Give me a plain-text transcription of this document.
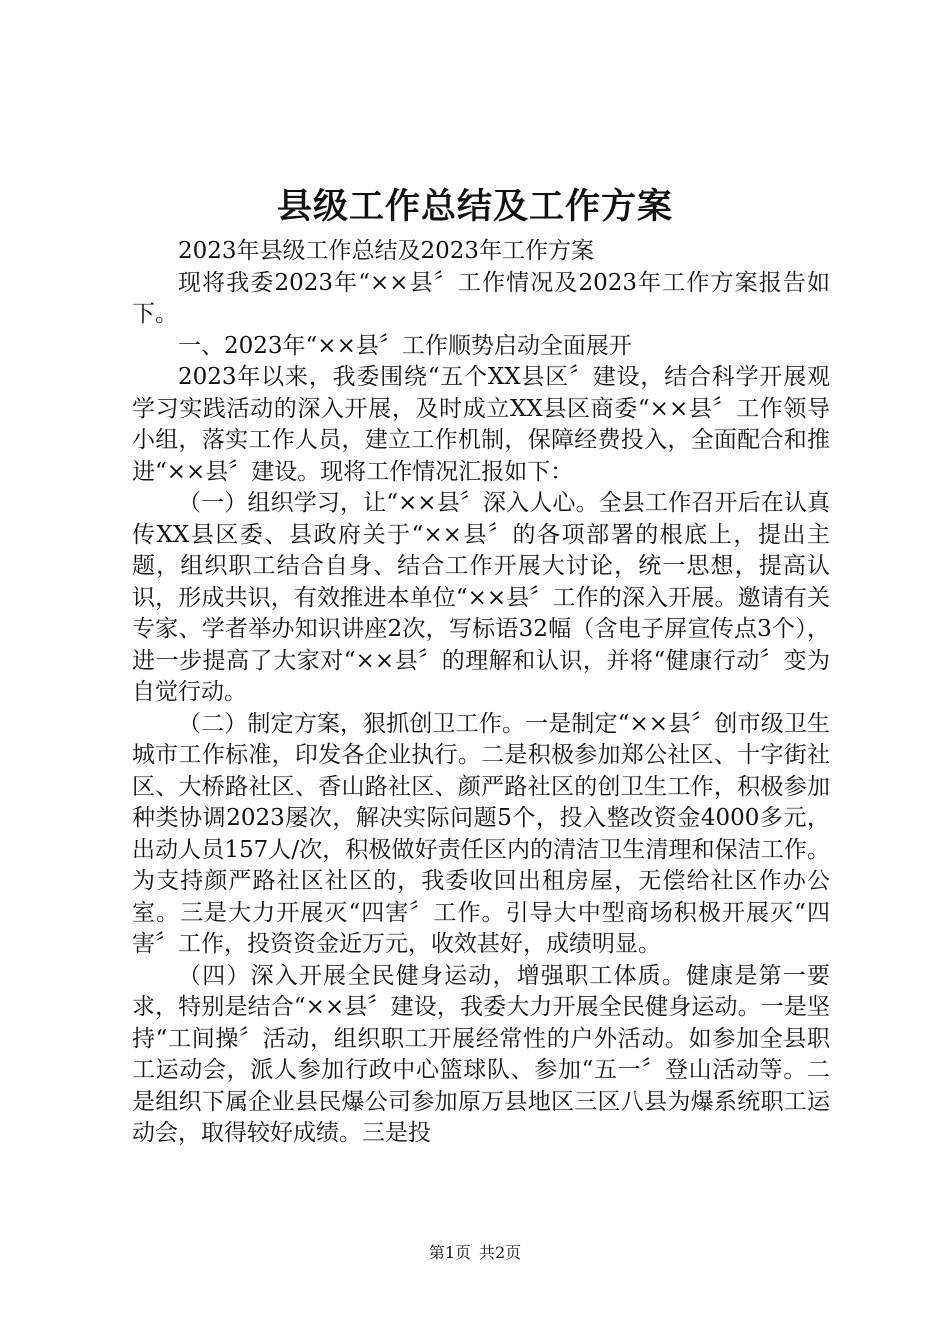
县级工作总结及工作方案

2023年县级工作总结及2023年工作方案

现将我委2023年“××县〞工作情况及2023年工作方案报告如下。

一、2023年“××县〞工作顺势启动全面展开

2023年以来，我委围绕“五个XX县区〞建设，结合科学开展观学习实践活动的深入开展，及时成立XX县区商委“××县〞工作领导小组，落实工作人员，建立工作机制，保障经费投入，全面配合和推进“××县〞建设。现将工作情况汇报如下：

（一）组织学习，让“××县〞深入人心。全县工作召开后在认真传XX县区委、县政府关于“××县〞的各项部署的根底上，提出主题，组织职工结合自身、结合工作开展大讨论，统一思想，提高认识，形成共识，有效推进本单位“××县〞工作的深入开展。邀请有关专家、学者举办知识讲座2次，写标语32幅（含电子屏宣传点3个），进一步提高了大家对“××县〞的理解和认识，并将“健康行动〞变为自觉行动。

（二）制定方案，狠抓创卫工作。一是制定“××县〞创市级卫生城市工作标准，印发各企业执行。二是积极参加郑公社区、十字街社区、大桥路社区、香山路社区、颜严路社区的创卫生工作，积极参加种类协调2023屡次，解决实际问题5个，投入整改资金4000多元，出动人员157人/次，积极做好责任区内的清洁卫生清理和保洁工作。为支持颜严路社区社区的，我委收回出租房屋，无偿给社区作办公室。三是大力开展灭“四害〞工作。引导大中型商场积极开展灭“四害〞工作，投资资金近万元，收效甚好，成绩明显。

（四）深入开展全民健身运动，增强职工体质。健康是第一要求，特别是结合“××县〞建设，我委大力开展全民健身运动。一是坚持“工间操〞活动，组织职工开展经常性的户外活动。如参加全县职工运动会，派人参加行政中心篮球队、参加“五一〞登山活动等。二是组织下属企业县民爆公司参加原万县地区三区八县为爆系统职工运动会，取得较好成绩。三是投

第1页 共2页
